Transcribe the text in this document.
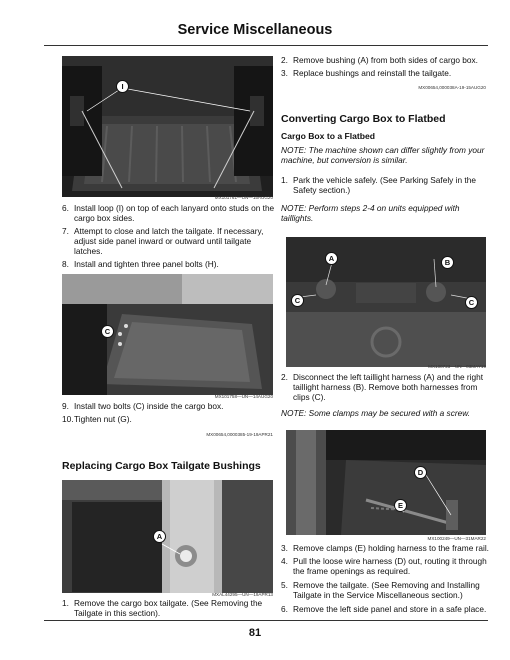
Service Miscellaneous
I
MX101761—UN—15AUG20
6. Install loop (I) on top of each lanyard onto studs on the cargo box sides.
7. Attempt to close and latch the tailgate. If necessary, adjust side panel inward or outward until tailgate latches.
8. Install and tighten three panel bolts (H).
C
MX101758—UN—14AUG20
9. Install two bolts (C) inside the cargo box.
10. Tighten nut (G).
MX00654,0000385-19-19APR21
Replacing Cargo Box Tailgate Bushings
A
MXAL44295—UN—19APR13
1. Remove the cargo box tailgate. (See Removing the Tailgate in this section).
2. Remove bushing (A) from both sides of cargo box.
3. Replace bushings and reinstall the tailgate.
MX00654,000038A-19-15AUG20
Converting Cargo Box to Flatbed
Cargo Box to a Flatbed
NOTE: The machine shown can differ slightly from your machine, but conversion is similar.
1. Park the vehicle safely. (See Parking Safely in the Safety section.)
NOTE: Perform steps 2-4 on units equipped with taillights.
A	B
C	C
MX100723—UN—03MAY19
2. Disconnect the left taillight harness (A) and the right taillight harness (B). Remove both harnesses from clips (C).
NOTE: Some clamps may be secured with a screw.
D
E
MX100249—UN—31MAR22
3. Remove clamps (E) holding harness to the frame rail.
4. Pull the loose wire harness (D) out, routing it through the frame openings as required.
5. Remove the tailgate. (See Removing and Installing Tailgate in the Service Miscellaneous section.)
6. Remove the left side panel and store in a safe place.
81
